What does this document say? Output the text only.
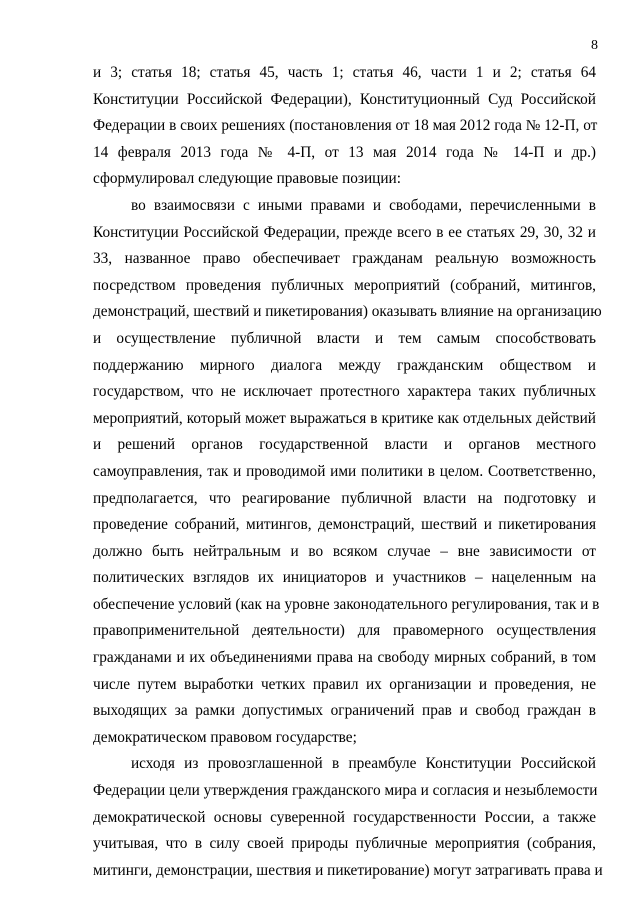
8
и 3; статья 18; статья 45, часть 1; статья 46, части 1 и 2; статья 64
Конституции Российской Федерации), Конституционный Суд Российской
Федерации в своих решениях (постановления от 18 мая 2012 года № 12-П, от
14 февраля 2013 года № 4-П, от 13 мая 2014 года № 14-П и др.)
сформулировал следующие правовые позиции:
во взаимосвязи с иными правами и свободами, перечисленными в
Конституции Российской Федерации, прежде всего в ее статьях 29, 30, 32 и
33, названное право обеспечивает гражданам реальную возможность
посредством проведения публичных мероприятий (собраний, митингов,
демонстраций, шествий и пикетирования) оказывать влияние на организацию
и осуществление публичной власти и тем самым способствовать
поддержанию мирного диалога между гражданским обществом и
государством, что не исключает протестного характера таких публичных
мероприятий, который может выражаться в критике как отдельных действий
и решений органов государственной власти и органов местного
самоуправления, так и проводимой ими политики в целом. Соответственно,
предполагается, что реагирование публичной власти на подготовку и
проведение собраний, митингов, демонстраций, шествий и пикетирования
должно быть нейтральным и во всяком случае – вне зависимости от
политических взглядов их инициаторов и участников – нацеленным на
обеспечение условий (как на уровне законодательного регулирования, так и в
правоприменительной деятельности) для правомерного осуществления
гражданами и их объединениями права на свободу мирных собраний, в том
числе путем выработки четких правил их организации и проведения, не
выходящих за рамки допустимых ограничений прав и свобод граждан в
демократическом правовом государстве;
исходя из провозглашенной в преамбуле Конституции Российской
Федерации цели утверждения гражданского мира и согласия и незыблемости
демократической основы суверенной государственности России, а также
учитывая, что в силу своей природы публичные мероприятия (собрания,
митинги, демонстрации, шествия и пикетирование) могут затрагивать права и
